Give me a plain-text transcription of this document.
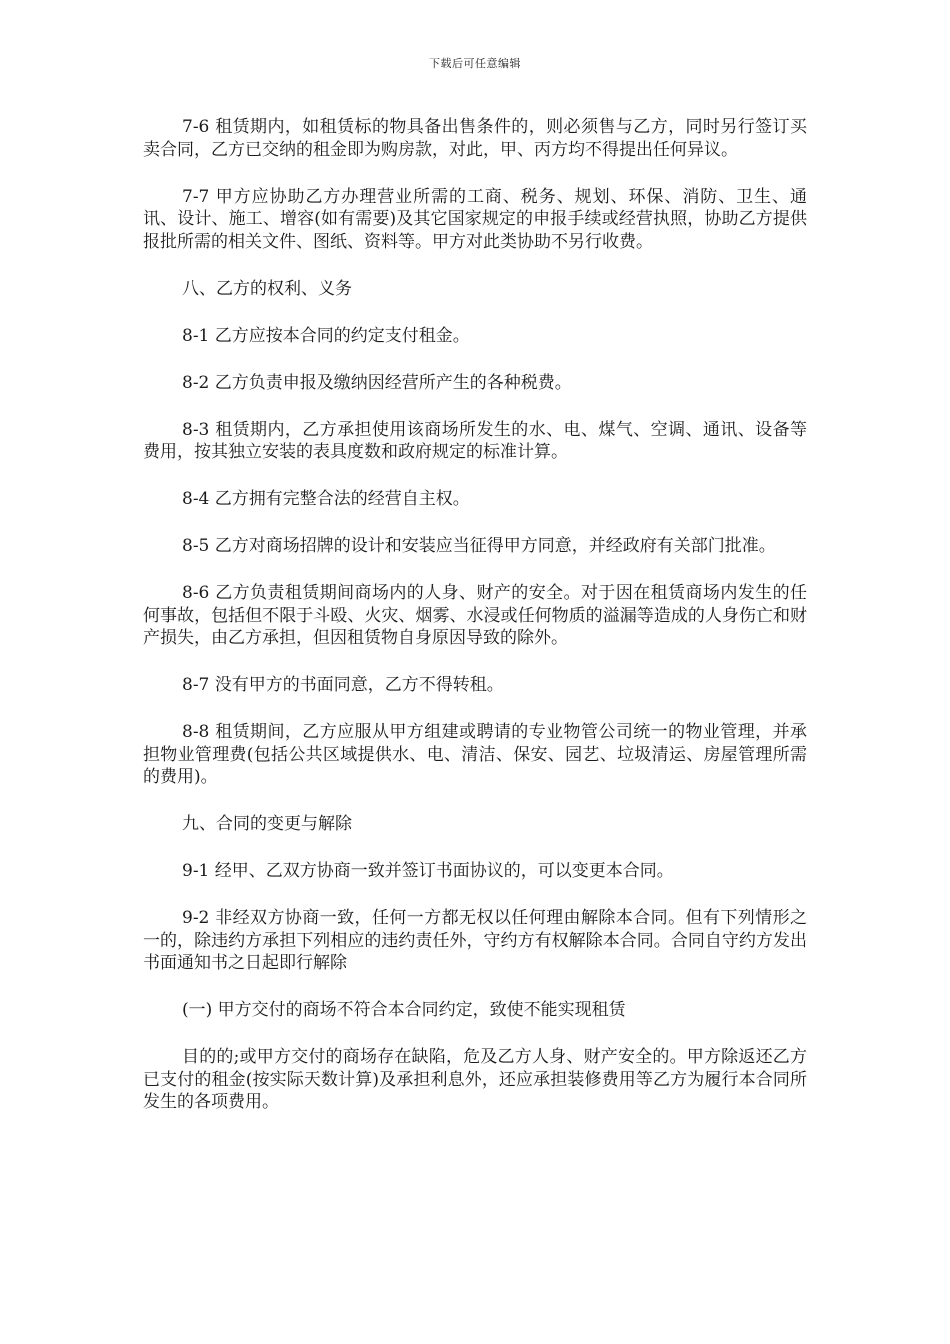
下载后可任意编辑

7-6 租赁期内，如租赁标的物具备出售条件的，则必须售与乙方，同时另行签订买卖合同，乙方已交纳的租金即为购房款，对此，甲、丙方均不得提出任何异议。

7-7 甲方应协助乙方办理营业所需的工商、税务、规划、环保、消防、卫生、通讯、设计、施工、增容(如有需要)及其它国家规定的申报手续或经营执照，协助乙方提供报批所需的相关文件、图纸、资料等。甲方对此类协助不另行收费。

八、乙方的权利、义务

8-1 乙方应按本合同的约定支付租金。

8-2 乙方负责申报及缴纳因经营所产生的各种税费。

8-3 租赁期内，乙方承担使用该商场所发生的水、电、煤气、空调、通讯、设备等费用，按其独立安装的表具度数和政府规定的标准计算。

8-4 乙方拥有完整合法的经营自主权。

8-5 乙方对商场招牌的设计和安装应当征得甲方同意，并经政府有关部门批准。

8-6 乙方负责租赁期间商场内的人身、财产的安全。对于因在租赁商场内发生的任何事故，包括但不限于斗殴、火灾、烟雾、水浸或任何物质的溢漏等造成的人身伤亡和财产损失，由乙方承担，但因租赁物自身原因导致的除外。

8-7 没有甲方的书面同意，乙方不得转租。

8-8 租赁期间，乙方应服从甲方组建或聘请的专业物管公司统一的物业管理，并承担物业管理费(包括公共区域提供水、电、清洁、保安、园艺、垃圾清运、房屋管理所需的费用)。

九、合同的变更与解除

9-1 经甲、乙双方协商一致并签订书面协议的，可以变更本合同。

9-2 非经双方协商一致，任何一方都无权以任何理由解除本合同。但有下列情形之一的，除违约方承担下列相应的违约责任外，守约方有权解除本合同。合同自守约方发出书面通知书之日起即行解除

(一) 甲方交付的商场不符合本合同约定，致使不能实现租赁

目的的;或甲方交付的商场存在缺陷，危及乙方人身、财产安全的。甲方除返还乙方已支付的租金(按实际天数计算)及承担利息外，还应承担装修费用等乙方为履行本合同所发生的各项费用。
